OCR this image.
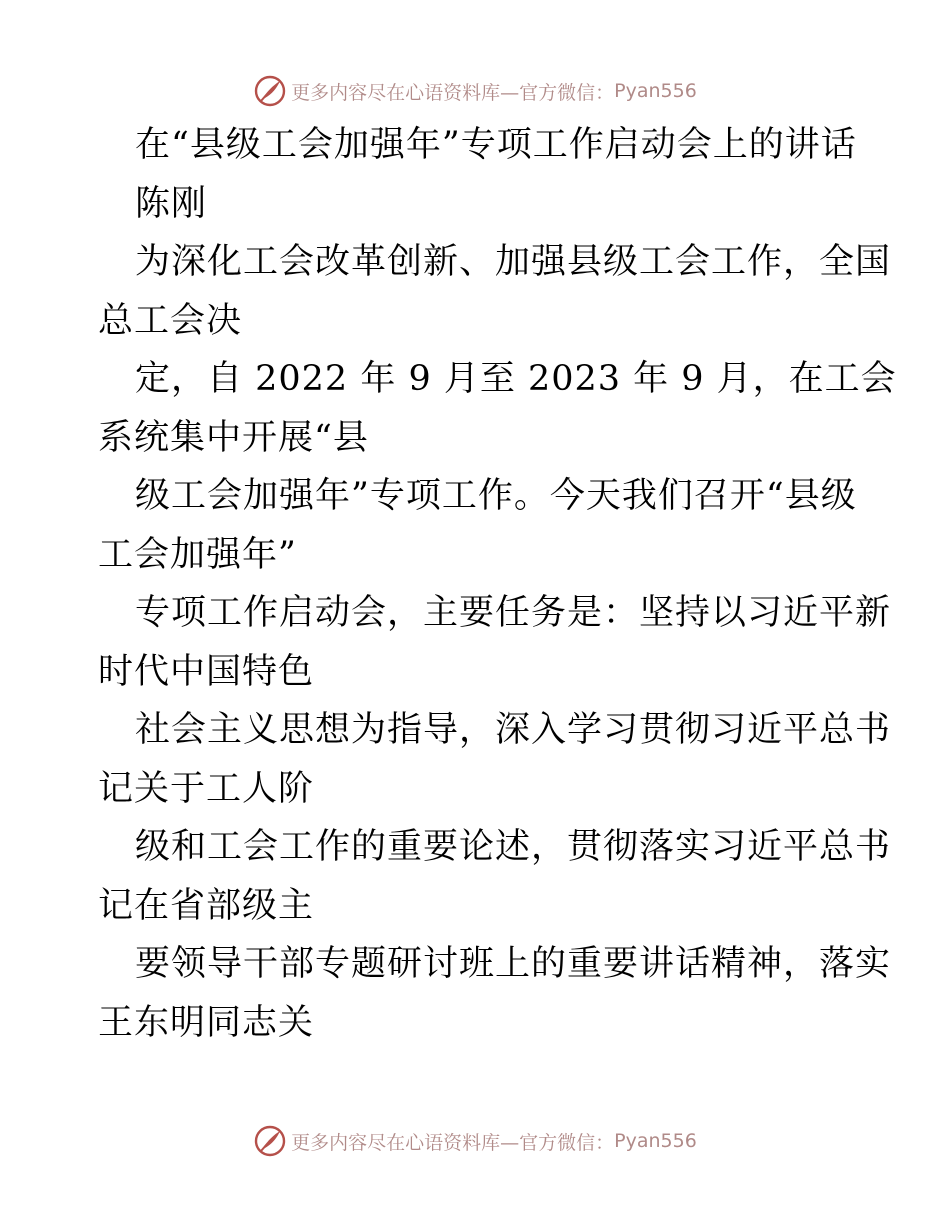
更多内容尽在心语资料库—官方微信： Pyan556
在“县级工会加强年”专项工作启动会上的讲话
陈刚
为深化工会改革创新、加强县级工会工作，全国
总工会决
定，自 2022 年 9 月至 2023 年 9 月，在工会
系统集中开展“县
级工会加强年”专项工作。今天我们召开“县级
工会加强年”
专项工作启动会，主要任务是：坚持以习近平新
时代中国特色
社会主义思想为指导，深入学习贯彻习近平总书
记关于工人阶
级和工会工作的重要论述，贯彻落实习近平总书
记在省部级主
要领导干部专题研讨班上的重要讲话精神，落实
王东明同志关
更多内容尽在心语资料库—官方微信： Pyan556
